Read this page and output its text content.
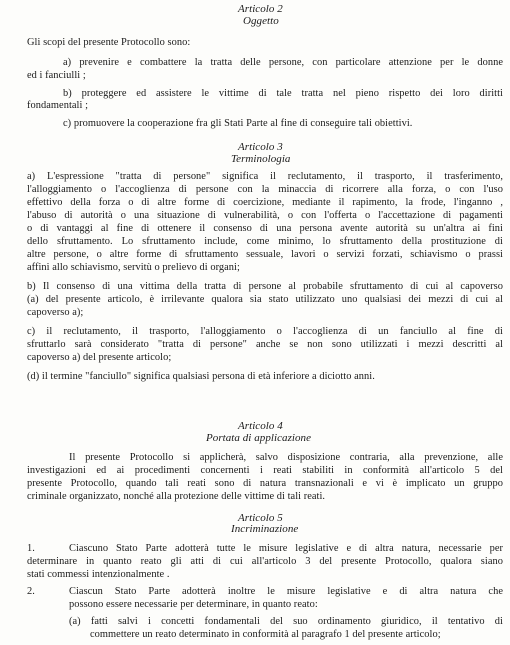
Articolo 2
Oggetto
Gli scopi del presente Protocollo sono:
a) prevenire e combattere la tratta delle persone, con particolare attenzione per le donne
ed i fanciulli ;
b) proteggere ed assistere le vittime di tale tratta nel pieno rispetto dei loro diritti
fondamentali ;
c) promuovere la cooperazione fra gli Stati Parte al fine di conseguire tali obiettivi.
Articolo 3
Terminologia
a) L'espressione "tratta di persone" significa il reclutamento, il trasporto, il trasferimento,
l'alloggiamento o l'accoglienza di persone con la minaccia di ricorrere alla forza, o con l'uso
effettivo della forza o di altre forme di coercizione, mediante il rapimento, la frode, l'inganno ,
l'abuso di autorità o una situazione di vulnerabilità, o con l'offerta o l'accettazione di pagamenti
o di vantaggi al fine di ottenere il consenso di una persona avente autorità su un'altra ai fini
dello sfruttamento. Lo sfruttamento include, come minimo, lo sfruttamento della prostituzione di
altre persone, o altre forme di sfruttamento sessuale, lavori o servizi forzati, schiavismo o prassi
affini allo schiavismo, servitù o prelievo di organi;
b) Il consenso di una vittima della tratta di persone al probabile sfruttamento di cui al capoverso
(a) del presente articolo, è irrilevante qualora sia stato utilizzato uno qualsiasi dei mezzi di cui al
capoverso a);
c) il reclutamento, il trasporto, l'alloggiamento o l'accoglienza di un fanciullo al fine di
sfruttarlo sarà considerato "tratta di persone" anche se non sono utilizzati i mezzi descritti al
capoverso a) del presente articolo;
(d) il termine "fanciullo" significa qualsiasi persona di età inferiore a diciotto anni.
Articolo 4
Portata di applicazione
Il presente Protocollo si applicherà, salvo disposizione contraria, alla prevenzione, alle
investigazioni ed ai procedimenti concernenti i reati stabiliti in conformità all'articolo 5 del
presente Protocollo, quando tali reati sono di natura transnazionali e vi è implicato un gruppo
criminale organizzato, nonché alla protezione delle vittime di tali reati.
Articolo 5
Incriminazione
1.	Ciascuno Stato Parte adotterà tutte le misure legislative e di altra natura, necessarie per
determinare in quanto reato gli atti di cui all'articolo 3 del presente Protocollo, qualora siano
stati commessi intenzionalmente .
2.	Ciascun Stato Parte adotterà inoltre le misure legislative e di altra natura che
possono essere necessarie per determinare, in quanto reato:
(a) fatti salvi i concetti fondamentali del suo ordinamento giuridico, il tentativo di
commettere un reato determinato in conformità al paragrafo 1 del presente articolo;
